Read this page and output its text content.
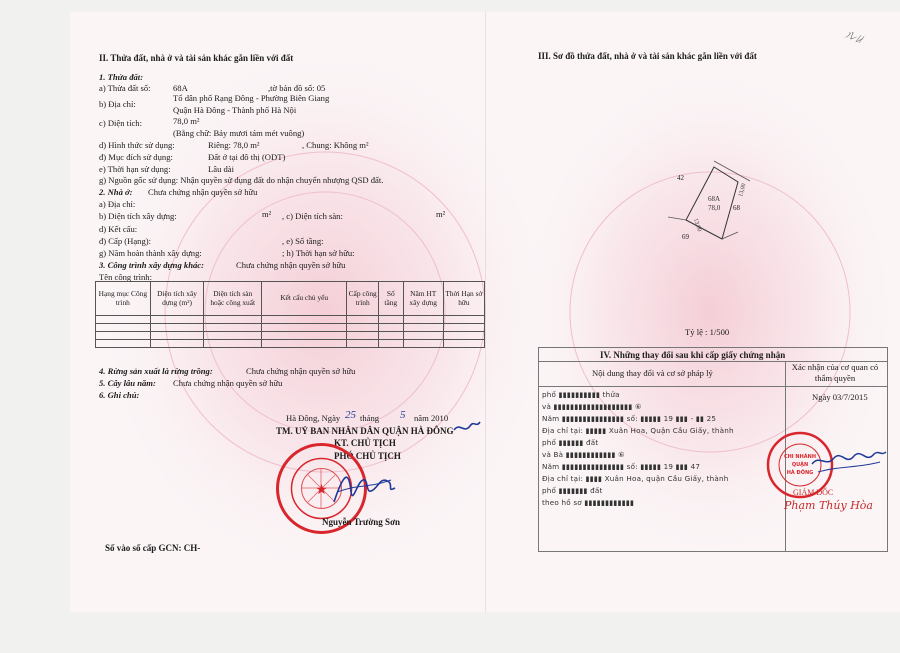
ル/̷/
II. Thửa đất, nhà ở và tài sản khác gắn liền với đất
1. Thửa đất:
a) Thửa đất số:	68A	,tờ bản đồ số: 05
b) Địa chỉ:
Tổ dân phố Rạng Đông - Phường Biên Giang
Quận Hà Đông - Thành phố Hà Nội
c) Diện tích:	78,0 m²
(Bằng chữ: Bảy mươi tám mét vuông)
d) Hình thức sử dụng:	Riêng: 78,0 m²	, Chung: Không m²
đ) Mục đích sử dụng:	Đất ở tại đô thị (ODT)
e) Thời hạn sử dụng:	Lâu dài
g) Nguồn gốc sử dụng: Nhận quyền sử dụng đất do nhận chuyển nhượng QSD đất.
2. Nhà ở: Chưa chứng nhận quyền sở hữu
a) Địa chỉ:
b) Diện tích xây dựng:	m² , c) Diện tích sàn:	m²
d) Kết cấu:
đ) Cấp (Hạng):	, e) Số tầng:
g) Năm hoàn thành xây dựng:	; h) Thời hạn sở hữu:
3. Công trình xây dựng khác:	Chưa chứng nhận quyền sở hữu
Tên công trình:
Hạng mục Công trình	Diện tích xây dựng (m²)	Diện tích sàn hoặc công xuất	Kết cấu chủ yếu	Cấp công trình	Số tầng	Năm HT xây dựng	Thời Hạn sở hữu

4. Rừng sản xuất là rừng trồng:	Chưa chứng nhận quyền sở hữu
5. Cây lâu năm: Chưa chứng nhận quyền sở hữu
6. Ghi chú:
Hà Đông, Ngày 25 tháng 5 năm 2010
TM. UỶ BAN NHÂN DÂN QUẬN HÀ ĐÔNG
KT. CHỦ TỊCH
PHÓ CHỦ TỊCH
★
Nguyễn Trường Sơn
Số vào số cấp GCN: CH-
III. Sơ đồ thửa đất, nhà ở và tài sản khác gắn liền với đất
68A
78,0
13,00
13,00
42
68
69
Tỷ lệ : 1/500
IV. Những thay đổi sau khi cấp giấy chứng nhận
Nội dung thay đổi và cơ sở pháp lý
Xác nhận của cơ quan có thẩm quyền
phố ▮▮▮▮▮▮▮▮▮▮ thửa
và ▮▮▮▮▮▮▮▮▮▮▮▮▮▮▮▮▮▮▮ ⑥
Năm ▮▮▮▮▮▮▮▮▮▮▮▮▮▮▮ số: ▮▮▮▮▮ 19 ▮▮▮ - ▮▮ 25
Địa chỉ tại: ▮▮▮▮▮ Xuân Hoa, Quận Cầu Giấy, thành
phố ▮▮▮▮▮▮ đất
và Bà ▮▮▮▮▮▮▮▮▮▮▮▮ ⑥
Năm ▮▮▮▮▮▮▮▮▮▮▮▮▮▮▮ số: ▮▮▮▮▮ 19 ▮▮▮ 47
Địa chỉ tại: ▮▮▮▮ Xuân Hoa, quận Cầu Giấy, thành
phố ▮▮▮▮▮▮▮ đất
theo hồ sơ ▮▮▮▮▮▮▮▮▮▮▮▮
Ngày 03/7/2015
CHI NHÁNH
QUẬN
HÀ ĐÔNG
GIÁM ĐỐC
Phạm Thúy Hòa
